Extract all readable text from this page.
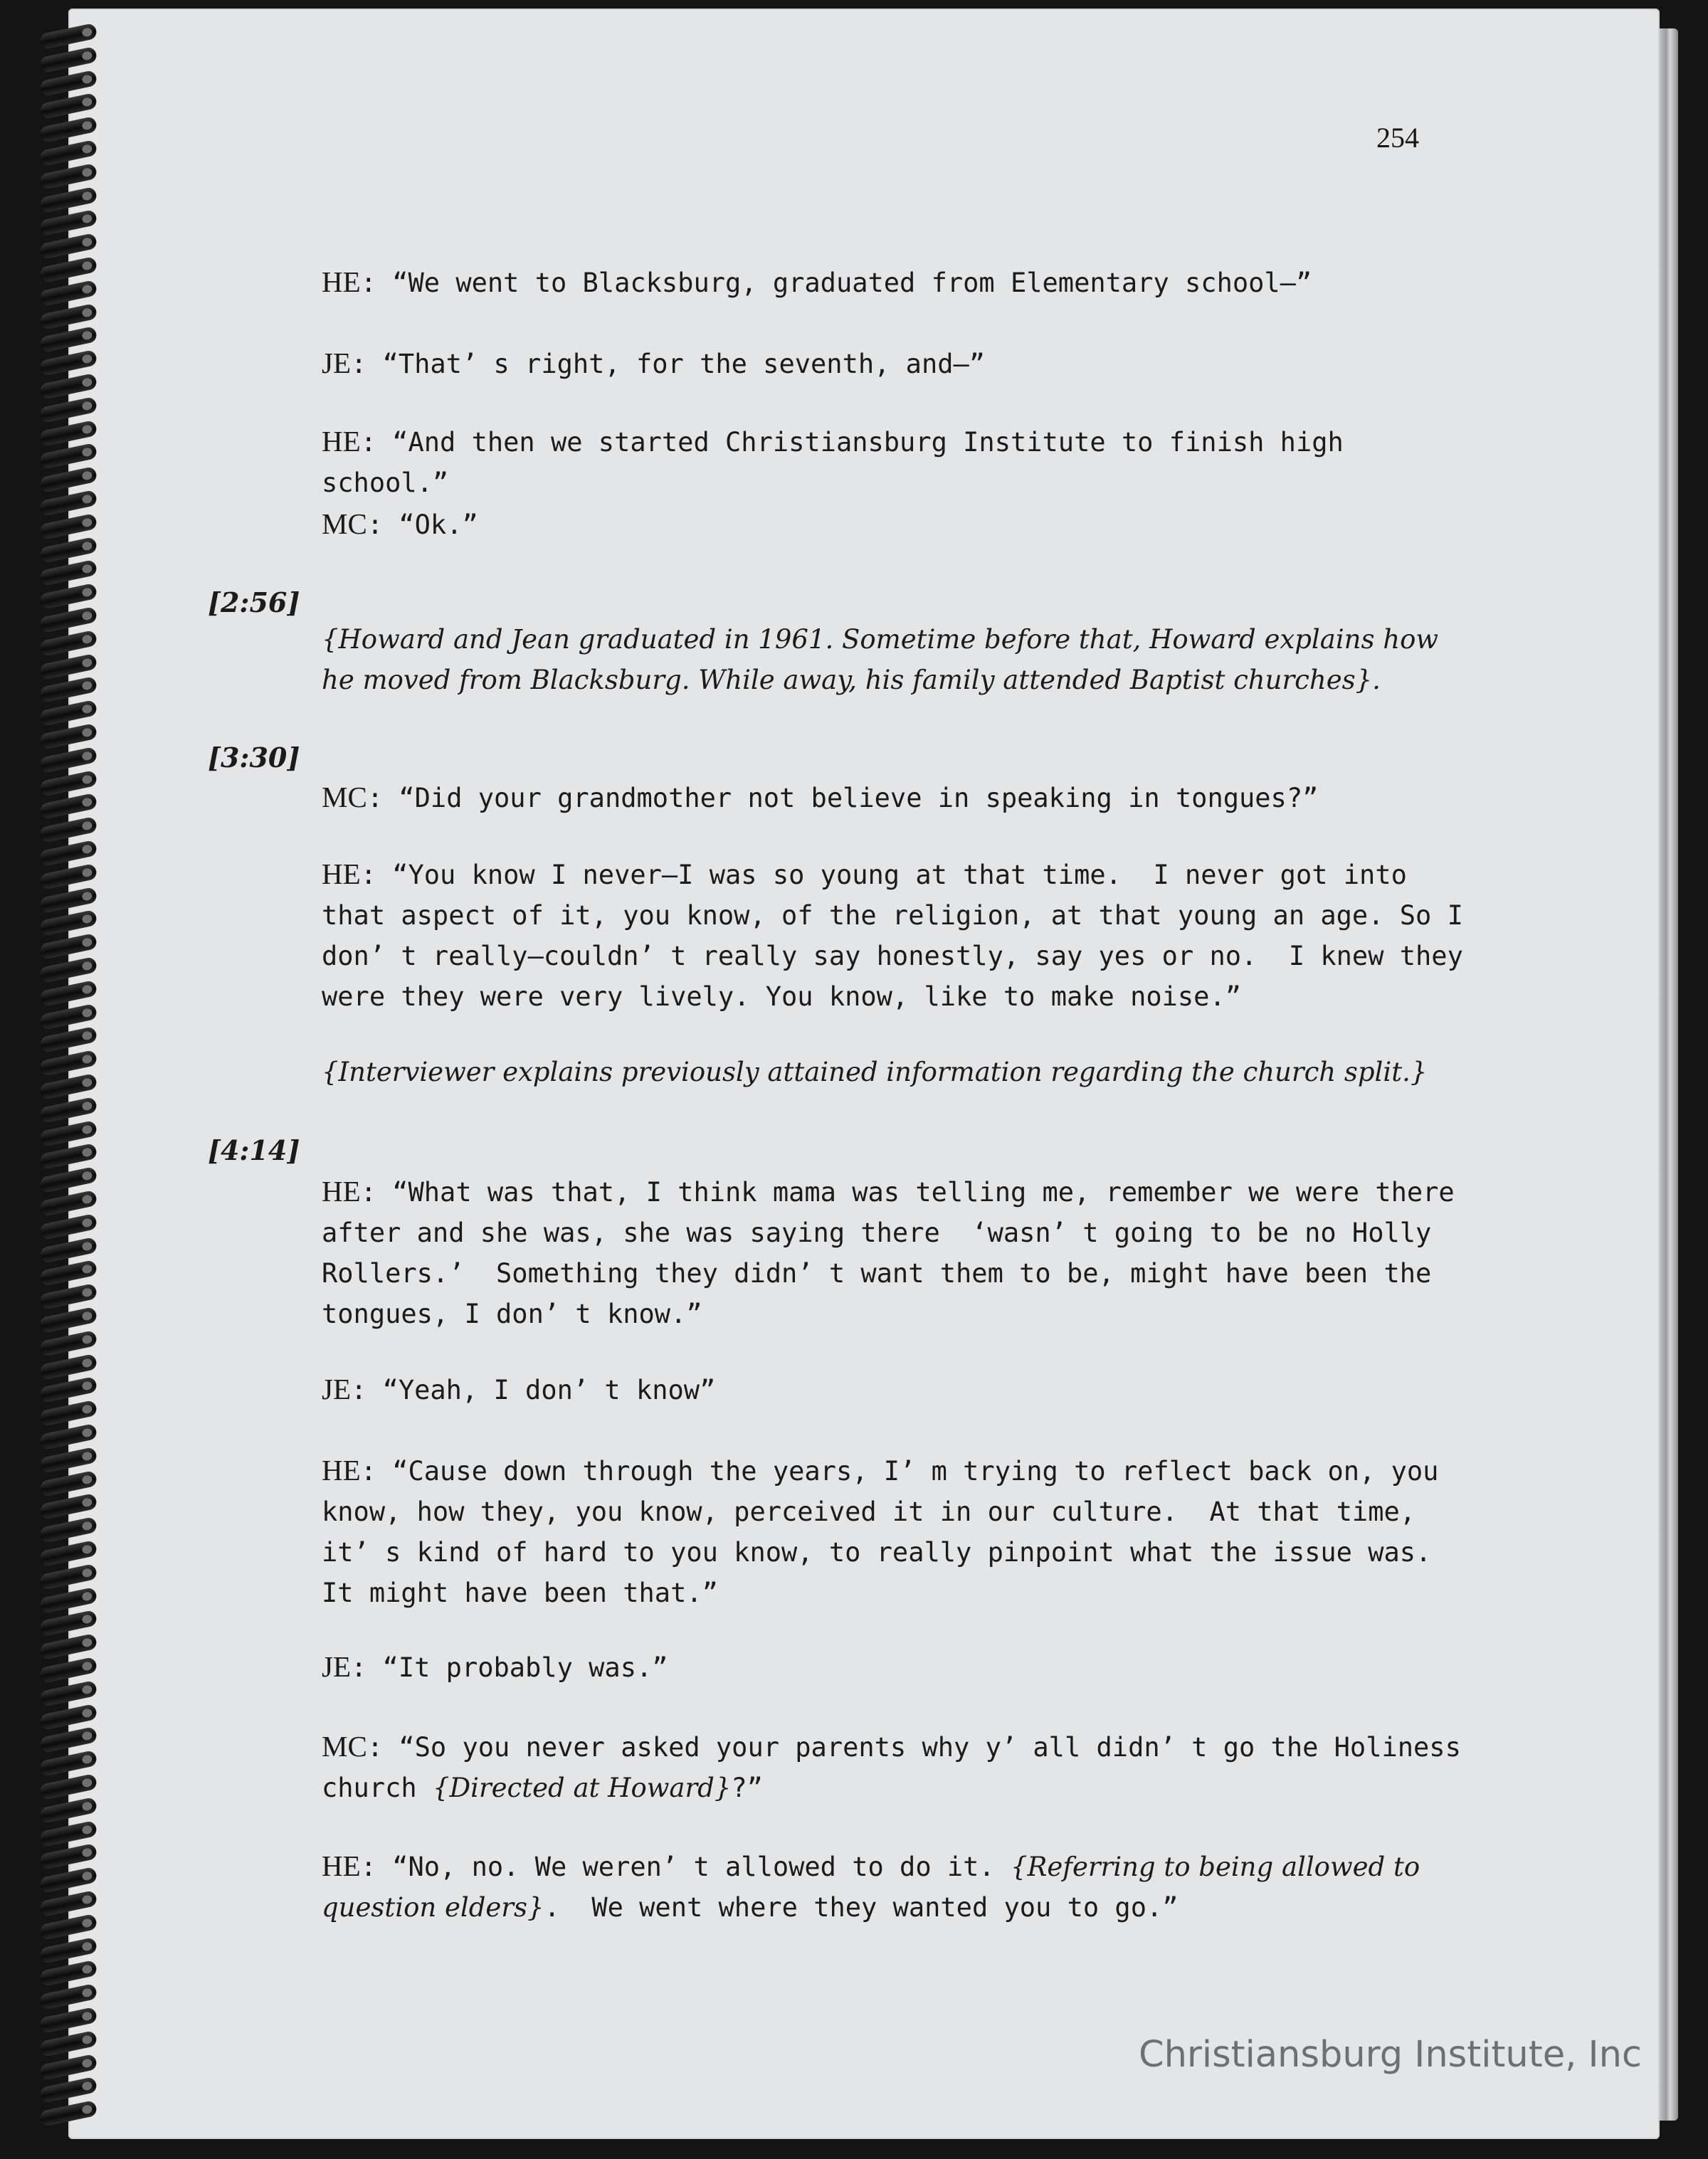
254
HE: “We went to Blacksburg, graduated from Elementary school—”
JE: “That’ s right, for the seventh, and—”
HE: “And then we started Christiansburg Institute to finish high school.”
MC: “Ok.”
[2:56]
{Howard and Jean graduated in 1961. Sometime before that, Howard explains how he moved from Blacksburg. While away, his family attended Baptist churches}.
[3:30]
MC: “Did your grandmother not believe in speaking in tongues?”
HE: “You know I never—I was so young at that time.  I never got into that aspect of it, you know, of the religion, at that young an age. So I don’ t really—couldn’ t really say honestly, say yes or no.  I knew they were they were very lively. You know, like to make noise.”
{Interviewer explains previously attained information regarding the church split.}
[4:14]
HE: “What was that, I think mama was telling me, remember we were there after and she was, she was saying there  ‘wasn’ t going to be no Holly Rollers.’  Something they didn’ t want them to be, might have been the tongues, I don’ t know.”
JE: “Yeah, I don’ t know”
HE: “Cause down through the years, I’ m trying to reflect back on, you know, how they, you know, perceived it in our culture.  At that time, it’ s kind of hard to you know, to really pinpoint what the issue was.  It might have been that.”
JE: “It probably was.”
MC: “So you never asked your parents why y’ all didn’ t go the Holiness church {Directed at Howard}?”
HE: “No, no. We weren’ t allowed to do it. {Referring to being allowed to question elders}.  We went where they wanted you to go.”
Christiansburg Institute, Inc
